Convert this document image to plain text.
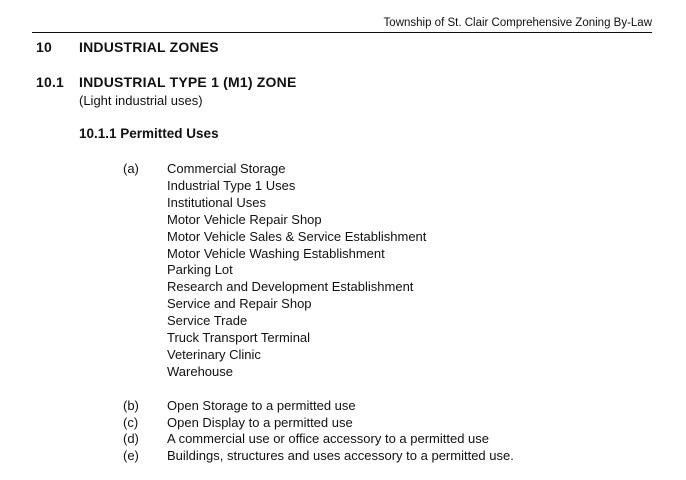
Township of St. Clair Comprehensive Zoning By-Law
10 INDUSTRIAL ZONES
10.1 INDUSTRIAL TYPE 1 (M1) ZONE
(Light industrial uses)
10.1.1 Permitted Uses
(a) Commercial Storage
Industrial Type 1 Uses
Institutional Uses
Motor Vehicle Repair Shop
Motor Vehicle Sales & Service Establishment
Motor Vehicle Washing Establishment
Parking Lot
Research and Development Establishment
Service and Repair Shop
Service Trade
Truck Transport Terminal
Veterinary Clinic
Warehouse
(b) Open Storage to a permitted use
(c) Open Display to a permitted use
(d) A commercial use or office accessory to a permitted use
(e) Buildings, structures and uses accessory to a permitted use.
